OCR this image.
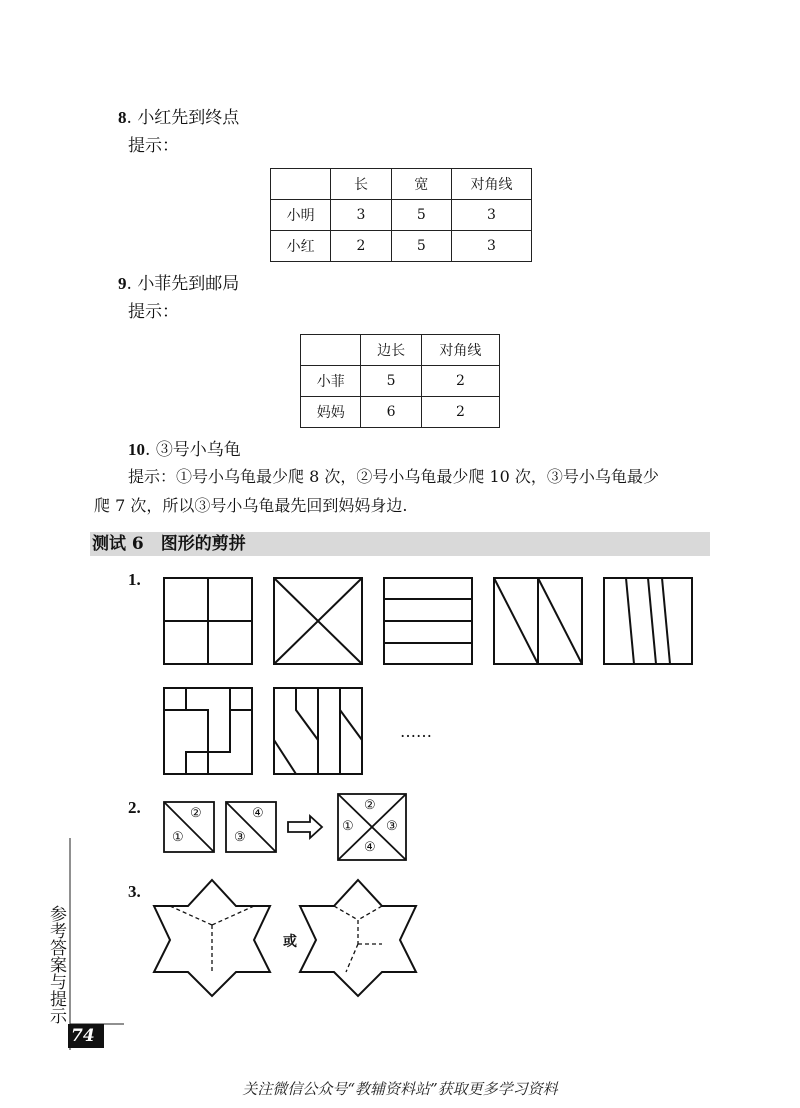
8. 小红先到终点
提示：
	长	宽	对角线
小明	3	5	3
小红	2	5	3
9. 小菲先到邮局
提示：
	边长	对角线
小菲	5	2
妈妈	6	2
10. ③号小乌龟
提示：①号小乌龟最少爬 8 次，②号小乌龟最少爬 10 次，③号小乌龟最少
爬 7 次，所以③号小乌龟最先回到妈妈身边.
测试 6　图形的剪拼
1.
……
2.	②
①
④
③
②
① ③
④
3.
或
参考答案与提示
74
关注微信公众号“教辅资料站”获取更多学习资料
